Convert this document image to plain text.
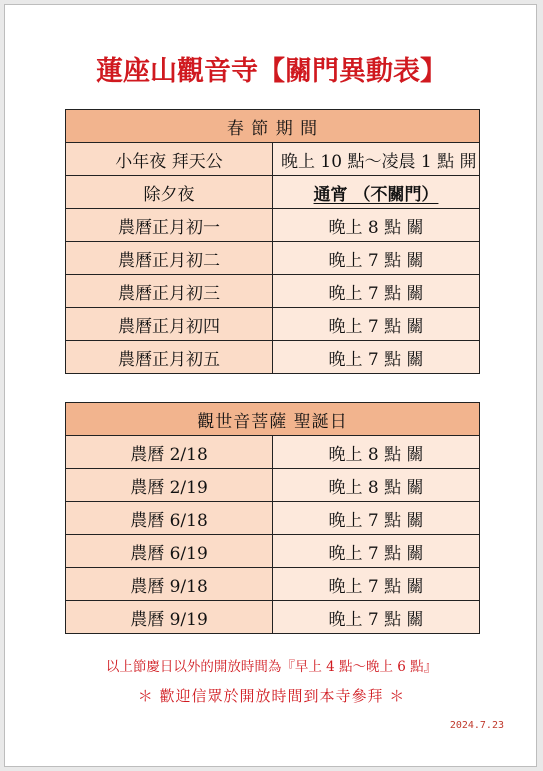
蓮座山觀音寺【關門異動表】
春 節 期 間	
小年夜 拜天公	晚上 10 點～凌晨 1 點 開
除夕夜	通宵 （不關門）
農曆正月初一	晚上 8 點 關
農曆正月初二	晚上 7 點 關
農曆正月初三	晚上 7 點 關
農曆正月初四	晚上 7 點 關
農曆正月初五	晚上 7 點 關
觀世音菩薩 聖誕日	
農曆 2/18	晚上 8 點 關
農曆 2/19	晚上 8 點 關
農曆 6/18	晚上 7 點 關
農曆 6/19	晚上 7 點 關
農曆 9/18	晚上 7 點 關
農曆 9/19	晚上 7 點 關
以上節慶日以外的開放時間為『早上 4 點～晚上 6 點』
＊ 歡迎信眾於開放時間到本寺參拜 ＊
2024.7.23
